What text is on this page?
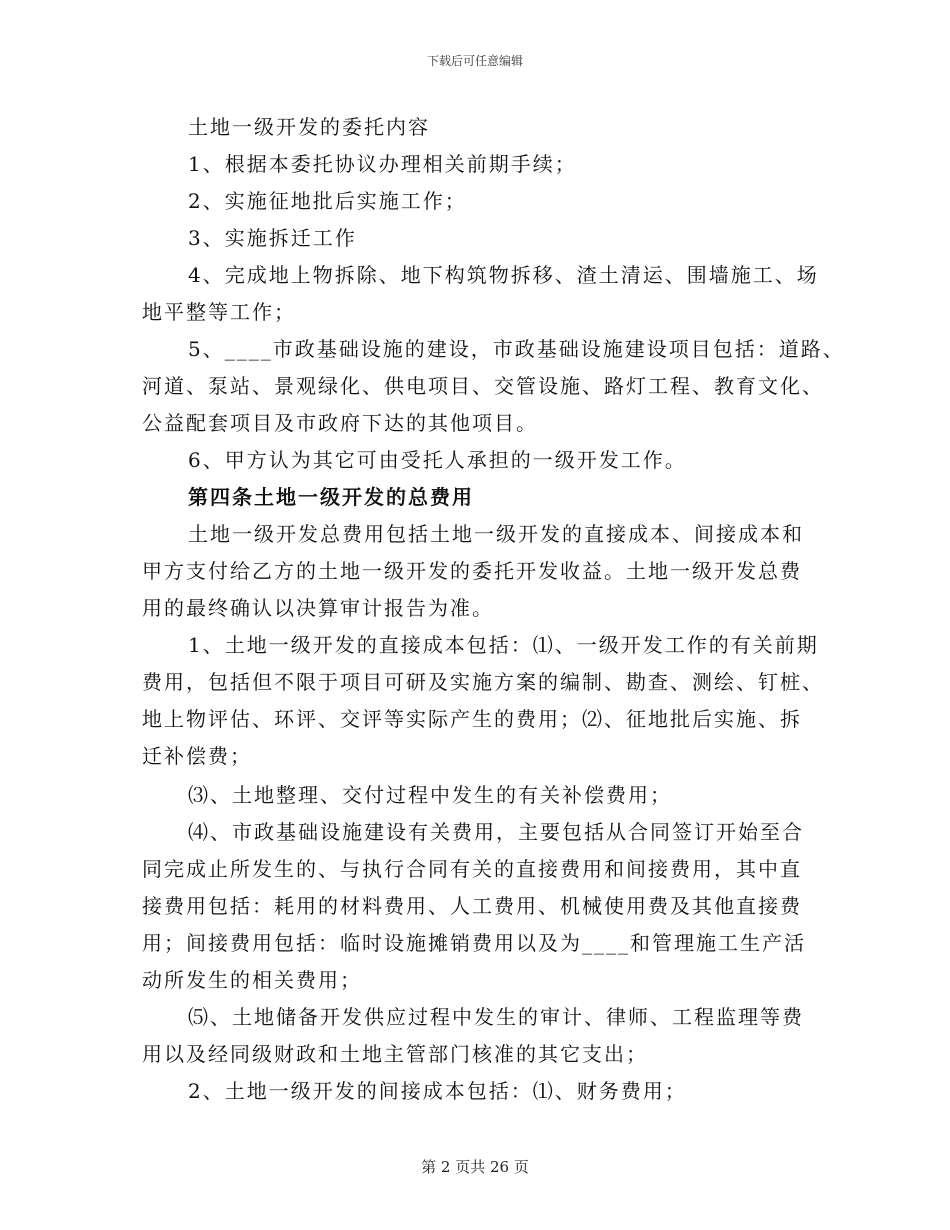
下载后可任意编辑
土地一级开发的委托内容
1、根据本委托协议办理相关前期手续；
2、实施征地批后实施工作；
3、实施拆迁工作
4、完成地上物拆除、地下构筑物拆移、渣土清运、围墙施工、场
地平整等工作；
5、____市政基础设施的建设，市政基础设施建设项目包括：道路、
河道、泵站、景观绿化、供电项目、交管设施、路灯工程、教育文化、
公益配套项目及市政府下达的其他项目。
6、甲方认为其它可由受托人承担的一级开发工作。
第四条土地一级开发的总费用
土地一级开发总费用包括土地一级开发的直接成本、间接成本和
甲方支付给乙方的土地一级开发的委托开发收益。土地一级开发总费
用的最终确认以决算审计报告为准。
1、土地一级开发的直接成本包括：⑴、一级开发工作的有关前期
费用，包括但不限于项目可研及实施方案的编制、勘查、测绘、钉桩、
地上物评估、环评、交评等实际产生的费用；⑵、征地批后实施、拆
迁补偿费；
⑶、土地整理、交付过程中发生的有关补偿费用；
⑷、市政基础设施建设有关费用，主要包括从合同签订开始至合
同完成止所发生的、与执行合同有关的直接费用和间接费用，其中直
接费用包括：耗用的材料费用、人工费用、机械使用费及其他直接费
用；间接费用包括：临时设施摊销费用以及为____和管理施工生产活
动所发生的相关费用；
⑸、土地储备开发供应过程中发生的审计、律师、工程监理等费
用以及经同级财政和土地主管部门核准的其它支出；
2、土地一级开发的间接成本包括：⑴、财务费用；
第 2 页共 26 页
